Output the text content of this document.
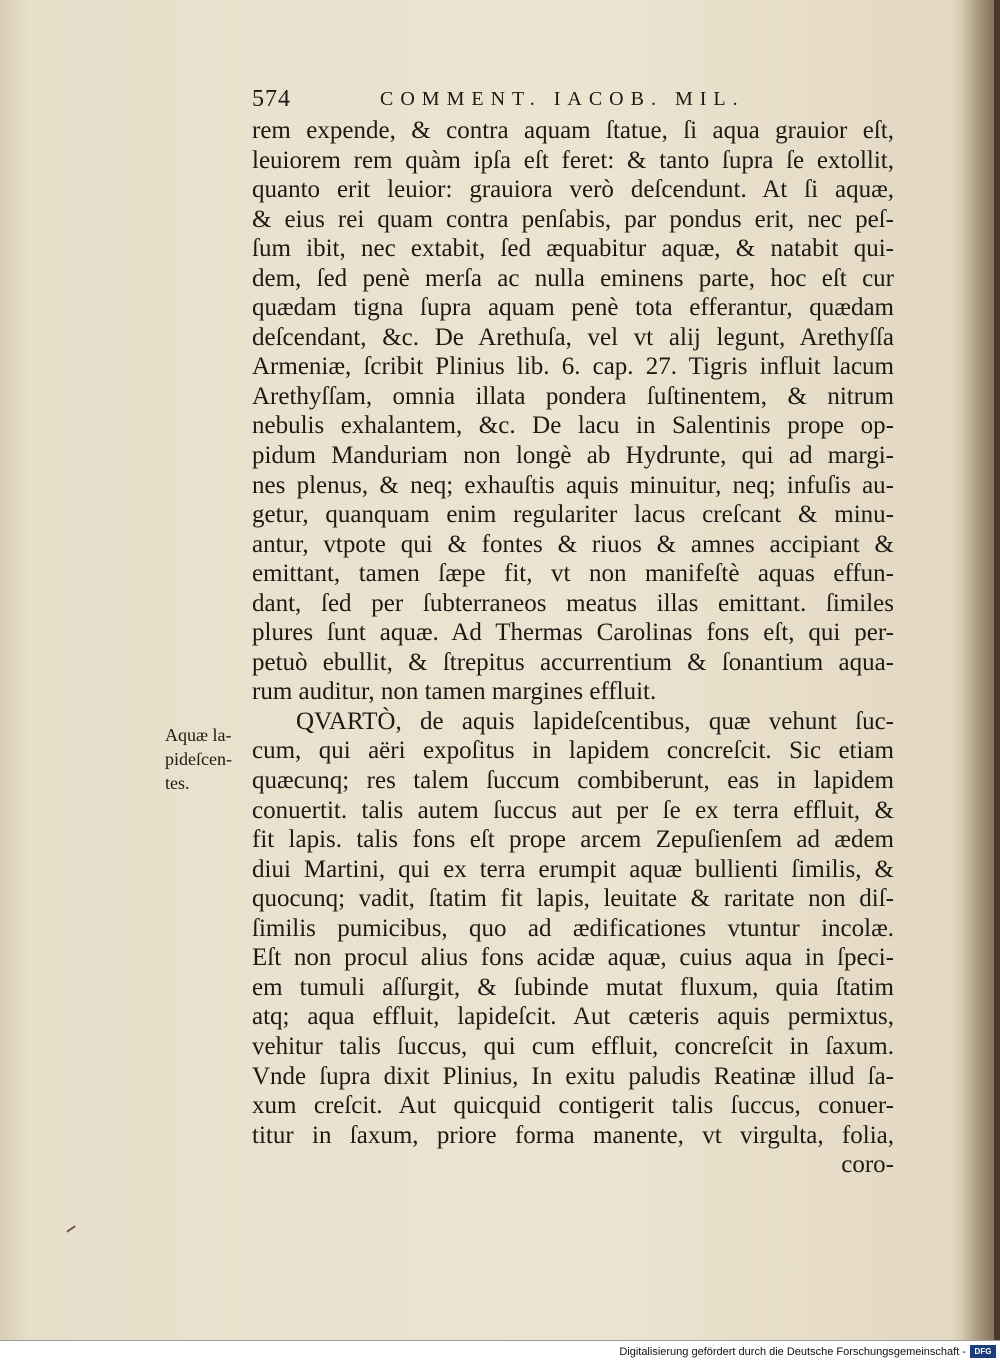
574	COMMENT. IACOB. MIL.
Aquæ la-
pideſcen-
tes.
rem expende, & contra aquam ſtatue, ſi aqua grauior eſt,
leuiorem rem quàm ipſa eſt feret: & tanto ſupra ſe extollit,
quanto erit leuior: grauiora verò deſcendunt. At ſi aquæ,
& eius rei quam contra penſabis, par pondus erit, nec peſ-
ſum ibit, nec extabit, ſed æquabitur aquæ, & natabit qui-
dem, ſed penè merſa ac nulla eminens parte, hoc eſt cur
quædam tigna ſupra aquam penè tota efferantur, quædam
deſcendant, &c. De Arethuſa, vel vt alij legunt, Arethyſſa
Armeniæ, ſcribit Plinius lib. 6. cap. 27. Tigris influit lacum
Arethyſſam, omnia illata pondera ſuſtinentem, & nitrum
nebulis exhalantem, &c. De lacu in Salentinis prope op-
pidum Manduriam non longè ab Hydrunte, qui ad margi-
nes plenus, & neq; exhauſtis aquis minuitur, neq; infuſis au-
getur, quanquam enim regulariter lacus creſcant & minu-
antur, vtpote qui & fontes & riuos & amnes accipiant &
emittant, tamen ſæpe fit, vt non manifeſtè aquas effun-
dant, ſed per ſubterraneos meatus illas emittant. ſimiles
plures ſunt aquæ. Ad Thermas Carolinas fons eſt, qui per-
petuò ebullit, & ſtrepitus accurrentium & ſonantium aqua-
rum auditur, non tamen margines effluit.
QVARTÒ, de aquis lapideſcentibus, quæ vehunt ſuc-
cum, qui aëri expoſitus in lapidem concreſcit. Sic etiam
quæcunq; res talem ſuccum combiberunt, eas in lapidem
conuertit. talis autem ſuccus aut per ſe ex terra effluit, &
fit lapis. talis fons eſt prope arcem Zepuſienſem ad ædem
diui Martini, qui ex terra erumpit aquæ bullienti ſimilis, &
quocunq; vadit, ſtatim fit lapis, leuitate & raritate non diſ-
ſimilis pumicibus, quo ad ædificationes vtuntur incolæ.
Eſt non procul alius fons acidæ aquæ, cuius aqua in ſpeci-
em tumuli aſſurgit, & ſubinde mutat fluxum, quia ſtatim
atq; aqua effluit, lapideſcit. Aut cæteris aquis permixtus,
vehitur talis ſuccus, qui cum effluit, concreſcit in ſaxum.
Vnde ſupra dixit Plinius, In exitu paludis Reatinæ illud ſa-
xum creſcit. Aut quicquid contigerit talis ſuccus, conuer-
titur in ſaxum, priore forma manente, vt virgulta, folia,
coro-
Digitalisierung gefördert durch die Deutsche Forschungsgemeinschaft -	DFG
